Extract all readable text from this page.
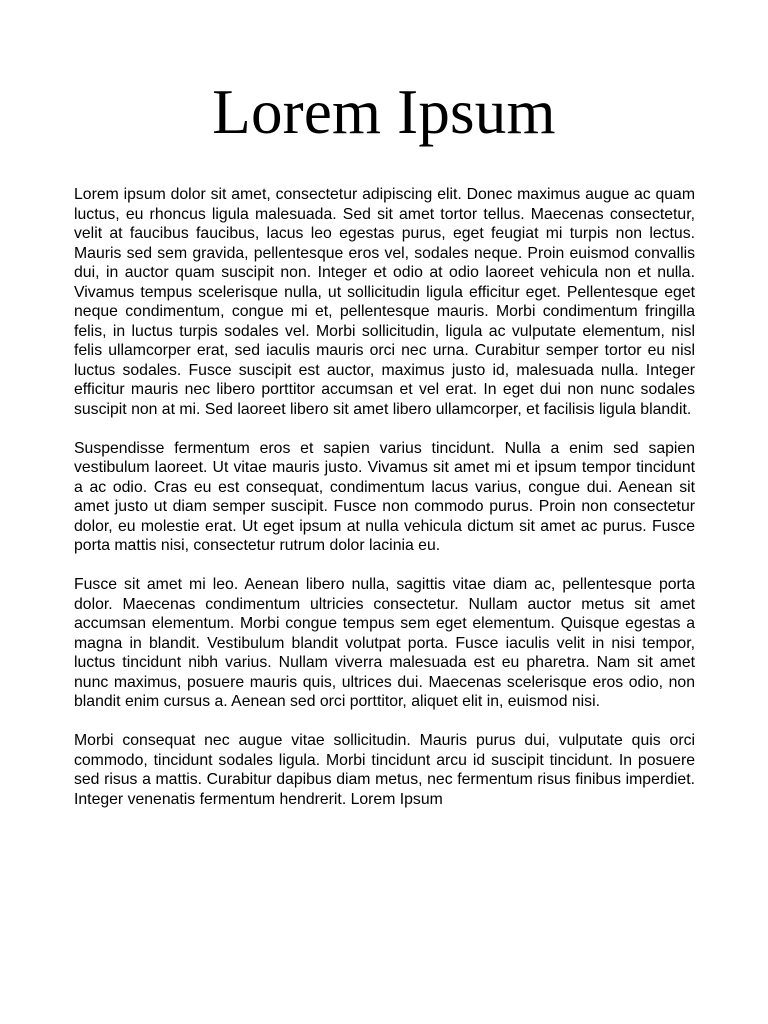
Lorem Ipsum

Lorem ipsum dolor sit amet, consectetur adipiscing elit. Donec maximus augue ac quam luctus, eu rhoncus ligula malesuada. Sed sit amet tortor tellus. Maecenas consectetur, velit at faucibus faucibus, lacus leo egestas purus, eget feugiat mi turpis non lectus. Mauris sed sem gravida, pellentesque eros vel, sodales neque. Proin euismod convallis dui, in auctor quam suscipit non. Integer et odio at odio laoreet vehicula non et nulla. Vivamus tempus scelerisque nulla, ut sollicitudin ligula efficitur eget. Pellentesque eget neque condimentum, congue mi et, pellentesque mauris. Morbi condimentum fringilla felis, in luctus turpis sodales vel. Morbi sollicitudin, ligula ac vulputate elementum, nisl felis ullamcorper erat, sed iaculis mauris orci nec urna. Curabitur semper tortor eu nisl luctus sodales. Fusce suscipit est auctor, maximus justo id, malesuada nulla. Integer efficitur mauris nec libero porttitor accumsan et vel erat. In eget dui non nunc sodales suscipit non at mi. Sed laoreet libero sit amet libero ullamcorper, et facilisis ligula blandit.

Suspendisse fermentum eros et sapien varius tincidunt. Nulla a enim sed sapien vestibulum laoreet. Ut vitae mauris justo. Vivamus sit amet mi et ipsum tempor tincidunt a ac odio. Cras eu est consequat, condimentum lacus varius, congue dui. Aenean sit amet justo ut diam semper suscipit. Fusce non commodo purus. Proin non consectetur dolor, eu molestie erat. Ut eget ipsum at nulla vehicula dictum sit amet ac purus. Fusce porta mattis nisi, consectetur rutrum dolor lacinia eu.

Fusce sit amet mi leo. Aenean libero nulla, sagittis vitae diam ac, pellentesque porta dolor. Maecenas condimentum ultricies consectetur. Nullam auctor metus sit amet accumsan elementum. Morbi congue tempus sem eget elementum. Quisque egestas a magna in blandit. Vestibulum blandit volutpat porta. Fusce iaculis velit in nisi tempor, luctus tincidunt nibh varius. Nullam viverra malesuada est eu pharetra. Nam sit amet nunc maximus, posuere mauris quis, ultrices dui. Maecenas scelerisque eros odio, non blandit enim cursus a. Aenean sed orci porttitor, aliquet elit in, euismod nisi.

Morbi consequat nec augue vitae sollicitudin. Mauris purus dui, vulputate quis orci commodo, tincidunt sodales ligula. Morbi tincidunt arcu id suscipit tincidunt. In posuere sed risus a mattis. Curabitur dapibus diam metus, nec fermentum risus finibus imperdiet. Integer venenatis fermentum hendrerit. Lorem Ipsum
